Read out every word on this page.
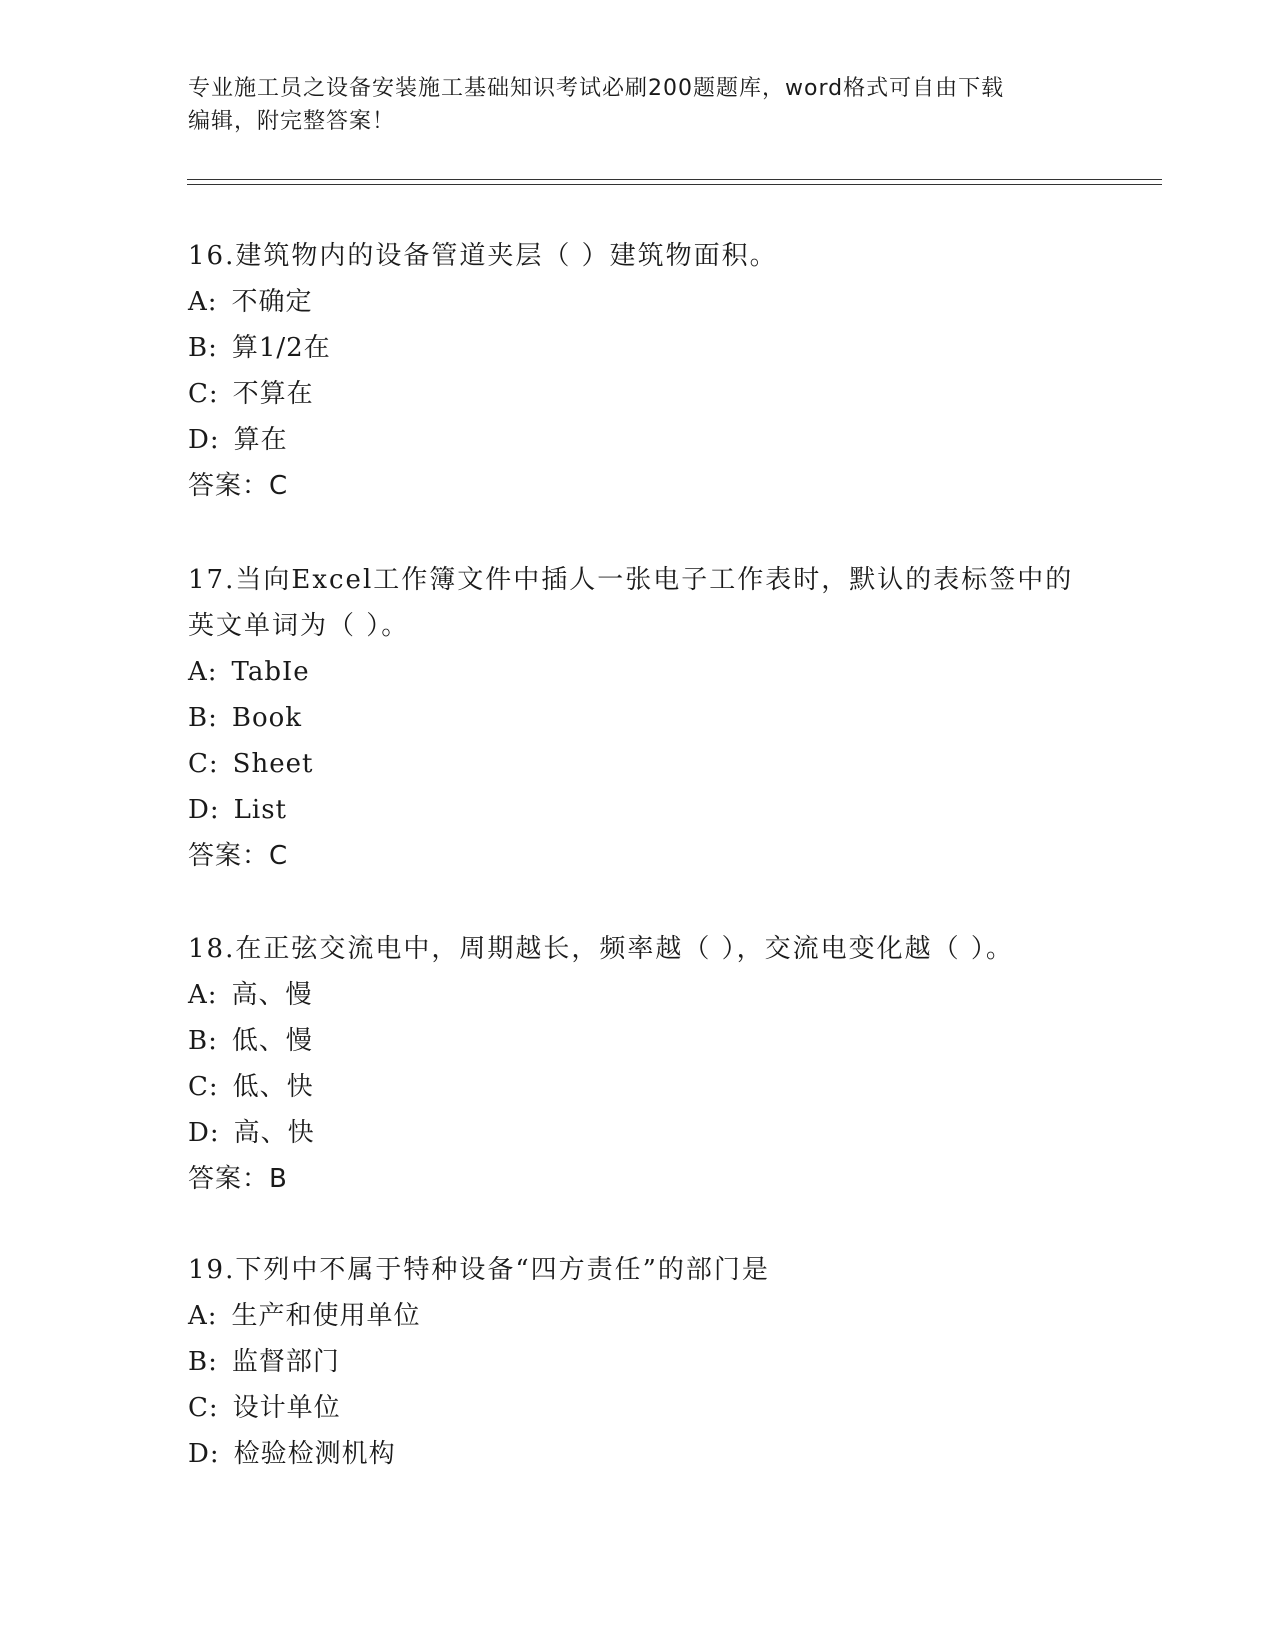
专业施工员之设备安装施工基础知识考试必刷200题题库，word格式可自由下载
编辑，附完整答案！
16.建筑物内的设备管道夹层（ ）建筑物面积。
A: 不确定
B: 算1/2在
C: 不算在
D: 算在
答案：C
17.当向Excel工作簿文件中插人一张电子工作表时，默认的表标签中的英文单词为（ ）。
A: TabIe
B: Book
C: Sheet
D: List
答案：C
18.在正弦交流电中，周期越长，频率越（ ），交流电变化越（ ）。
A: 高、慢
B: 低、慢
C: 低、快
D: 高、快
答案：B
19.下列中不属于特种设备“四方责任”的部门是
A: 生产和使用单位
B: 监督部门
C: 设计单位
D: 检验检测机构
